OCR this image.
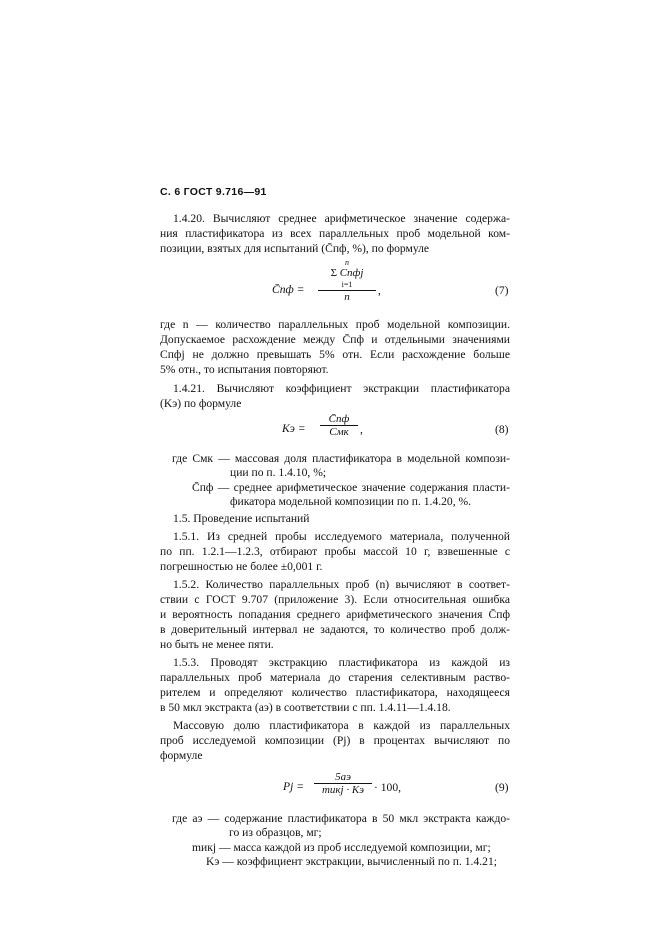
С. 6 ГОСТ 9.716—91
1.4.20. Вычисляют среднее арифметическое значение содержа-
ния пластификатора из всех параллельных проб модельной ком-
позиции, взятых для испытаний (C̄пф, %), по формуле
C̄пф =
n
Σ Cпфj
i=1
n	,	(7)
где n — количество параллельных проб модельной композиции.
Допускаемое расхождение между C̄пф и отдельными значениями
Cпфj не должно превышать 5% отн. Если расхождение больше
5% отн., то испытания повторяют.
1.4.21. Вычисляют коэффициент экстракции пластификатора
(Kэ) по формуле
Kэ =
C̄пф
Cмк ,	(8)
где Cмк — массовая доля пластификатора в модельной компози-
ции по п. 1.4.10, %;
C̄пф — среднее арифметическое значение содержания пласти-
фикатора модельной композиции по п. 1.4.20, %.
1.5. Проведение испытаний
1.5.1. Из средней пробы исследуемого материала, полученной
по пп. 1.2.1—1.2.3, отбирают пробы массой 10 г, взвешенные с
погрешностью не более ±0,001 г.
1.5.2. Количество параллельных проб (n) вычисляют в соответ-
ствии с ГОСТ 9.707 (приложение 3). Если относительная ошибка
и вероятность попадания среднего арифметического значения C̄пф
в доверительный интервал не задаются, то количество проб долж-
но быть не менее пяти.
1.5.3. Проводят экстракцию пластификатора из каждой из
параллельных проб материала до старения селективным раство-
рителем и определяют количество пластификатора, находящееся
в 50 мкл экстракта (aэ) в соответствии с пп. 1.4.11—1.4.18.
Массовую долю пластификатора в каждой из параллельных
проб исследуемой композиции (Pj) в процентах вычисляют по
формуле
Pj =
5aэ
mикj · Kэ · 100,	(9)
где aэ — содержание пластификатора в 50 мкл экстракта каждо-
го из образцов, мг;
mикj — масса каждой из проб исследуемой композиции, мг;
Kэ — коэффициент экстракции, вычисленный по п. 1.4.21;
